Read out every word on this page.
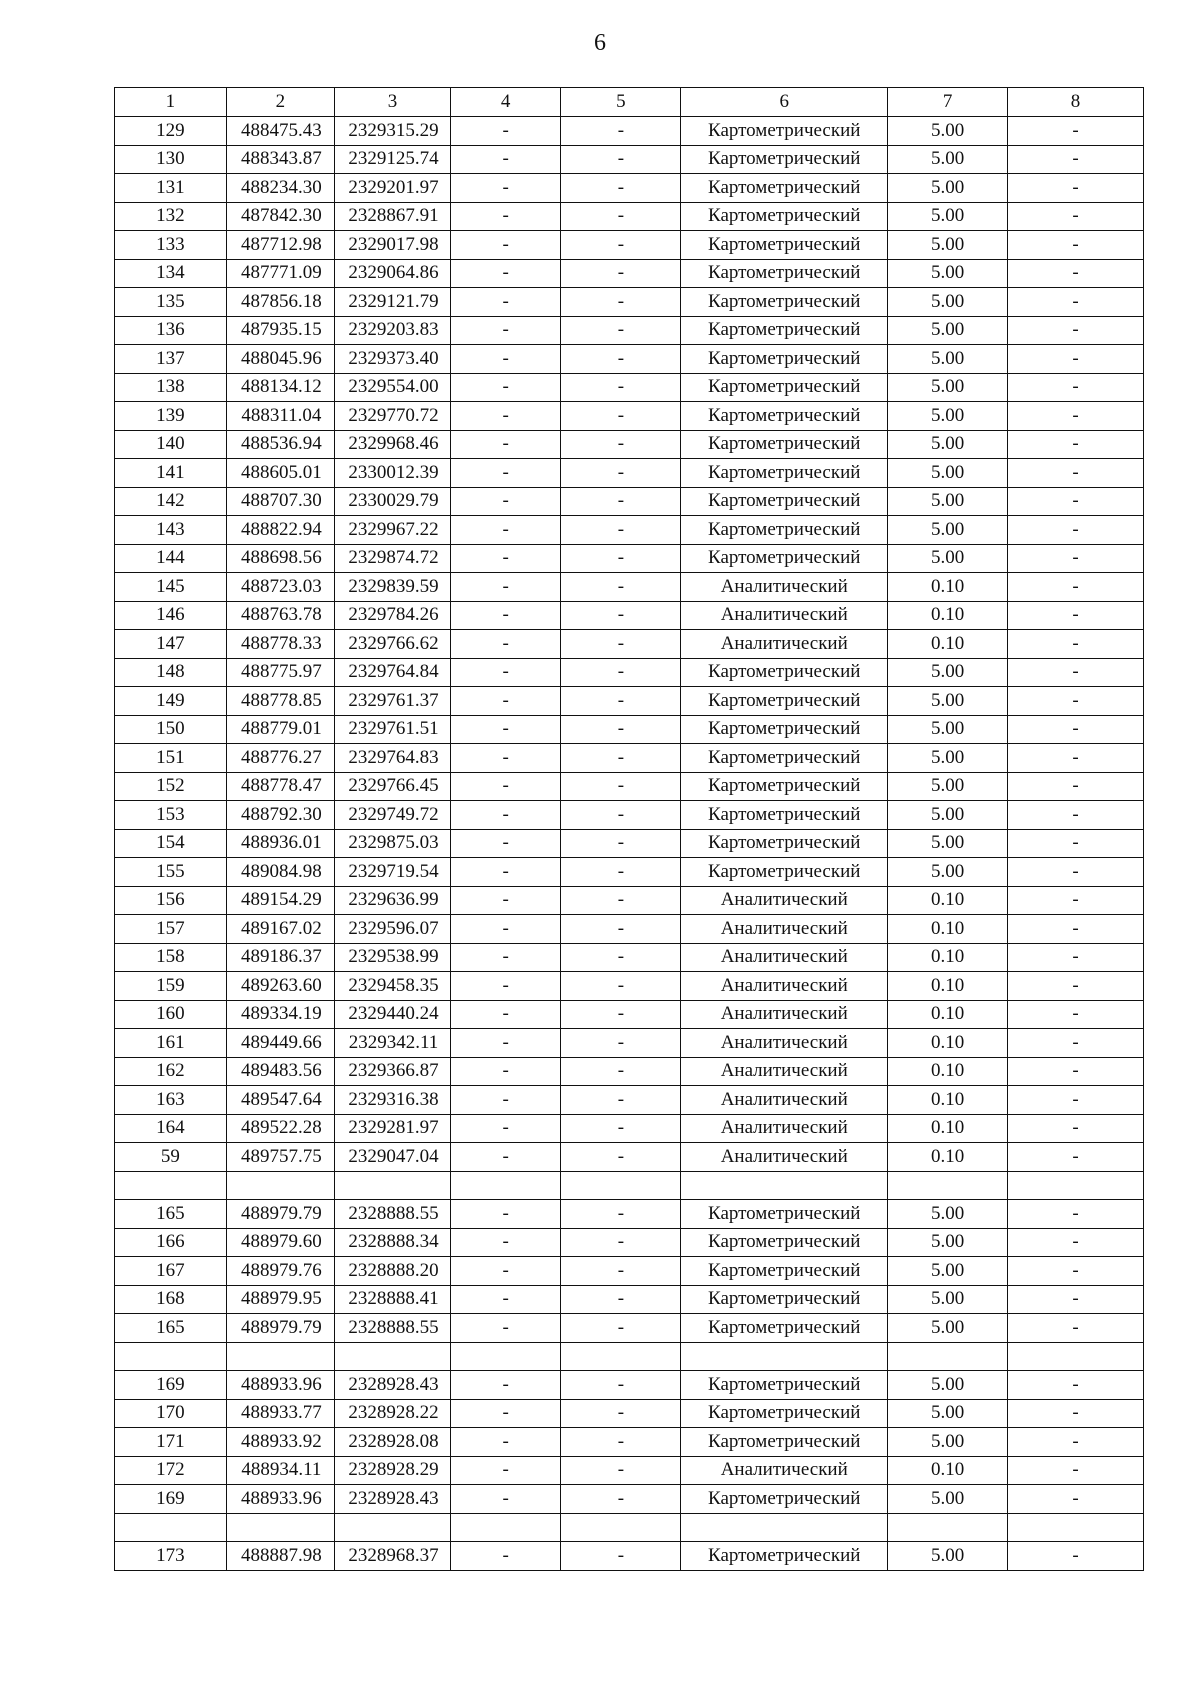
6
1	2	3	4	5	6	7	8
129	488475.43	2329315.29	-	-	Картометрический	5.00	-
130	488343.87	2329125.74	-	-	Картометрический	5.00	-
131	488234.30	2329201.97	-	-	Картометрический	5.00	-
132	487842.30	2328867.91	-	-	Картометрический	5.00	-
133	487712.98	2329017.98	-	-	Картометрический	5.00	-
134	487771.09	2329064.86	-	-	Картометрический	5.00	-
135	487856.18	2329121.79	-	-	Картометрический	5.00	-
136	487935.15	2329203.83	-	-	Картометрический	5.00	-
137	488045.96	2329373.40	-	-	Картометрический	5.00	-
138	488134.12	2329554.00	-	-	Картометрический	5.00	-
139	488311.04	2329770.72	-	-	Картометрический	5.00	-
140	488536.94	2329968.46	-	-	Картометрический	5.00	-
141	488605.01	2330012.39	-	-	Картометрический	5.00	-
142	488707.30	2330029.79	-	-	Картометрический	5.00	-
143	488822.94	2329967.22	-	-	Картометрический	5.00	-
144	488698.56	2329874.72	-	-	Картометрический	5.00	-
145	488723.03	2329839.59	-	-	Аналитический	0.10	-
146	488763.78	2329784.26	-	-	Аналитический	0.10	-
147	488778.33	2329766.62	-	-	Аналитический	0.10	-
148	488775.97	2329764.84	-	-	Картометрический	5.00	-
149	488778.85	2329761.37	-	-	Картометрический	5.00	-
150	488779.01	2329761.51	-	-	Картометрический	5.00	-
151	488776.27	2329764.83	-	-	Картометрический	5.00	-
152	488778.47	2329766.45	-	-	Картометрический	5.00	-
153	488792.30	2329749.72	-	-	Картометрический	5.00	-
154	488936.01	2329875.03	-	-	Картометрический	5.00	-
155	489084.98	2329719.54	-	-	Картометрический	5.00	-
156	489154.29	2329636.99	-	-	Аналитический	0.10	-
157	489167.02	2329596.07	-	-	Аналитический	0.10	-
158	489186.37	2329538.99	-	-	Аналитический	0.10	-
159	489263.60	2329458.35	-	-	Аналитический	0.10	-
160	489334.19	2329440.24	-	-	Аналитический	0.10	-
161	489449.66	2329342.11	-	-	Аналитический	0.10	-
162	489483.56	2329366.87	-	-	Аналитический	0.10	-
163	489547.64	2329316.38	-	-	Аналитический	0.10	-
164	489522.28	2329281.97	-	-	Аналитический	0.10	-
59	489757.75	2329047.04	-	-	Аналитический	0.10	-

165	488979.79	2328888.55	-	-	Картометрический	5.00	-
166	488979.60	2328888.34	-	-	Картометрический	5.00	-
167	488979.76	2328888.20	-	-	Картометрический	5.00	-
168	488979.95	2328888.41	-	-	Картометрический	5.00	-
165	488979.79	2328888.55	-	-	Картометрический	5.00	-

169	488933.96	2328928.43	-	-	Картометрический	5.00	-
170	488933.77	2328928.22	-	-	Картометрический	5.00	-
171	488933.92	2328928.08	-	-	Картометрический	5.00	-
172	488934.11	2328928.29	-	-	Аналитический	0.10	-
169	488933.96	2328928.43	-	-	Картометрический	5.00	-

173	488887.98	2328968.37	-	-	Картометрический	5.00	-
